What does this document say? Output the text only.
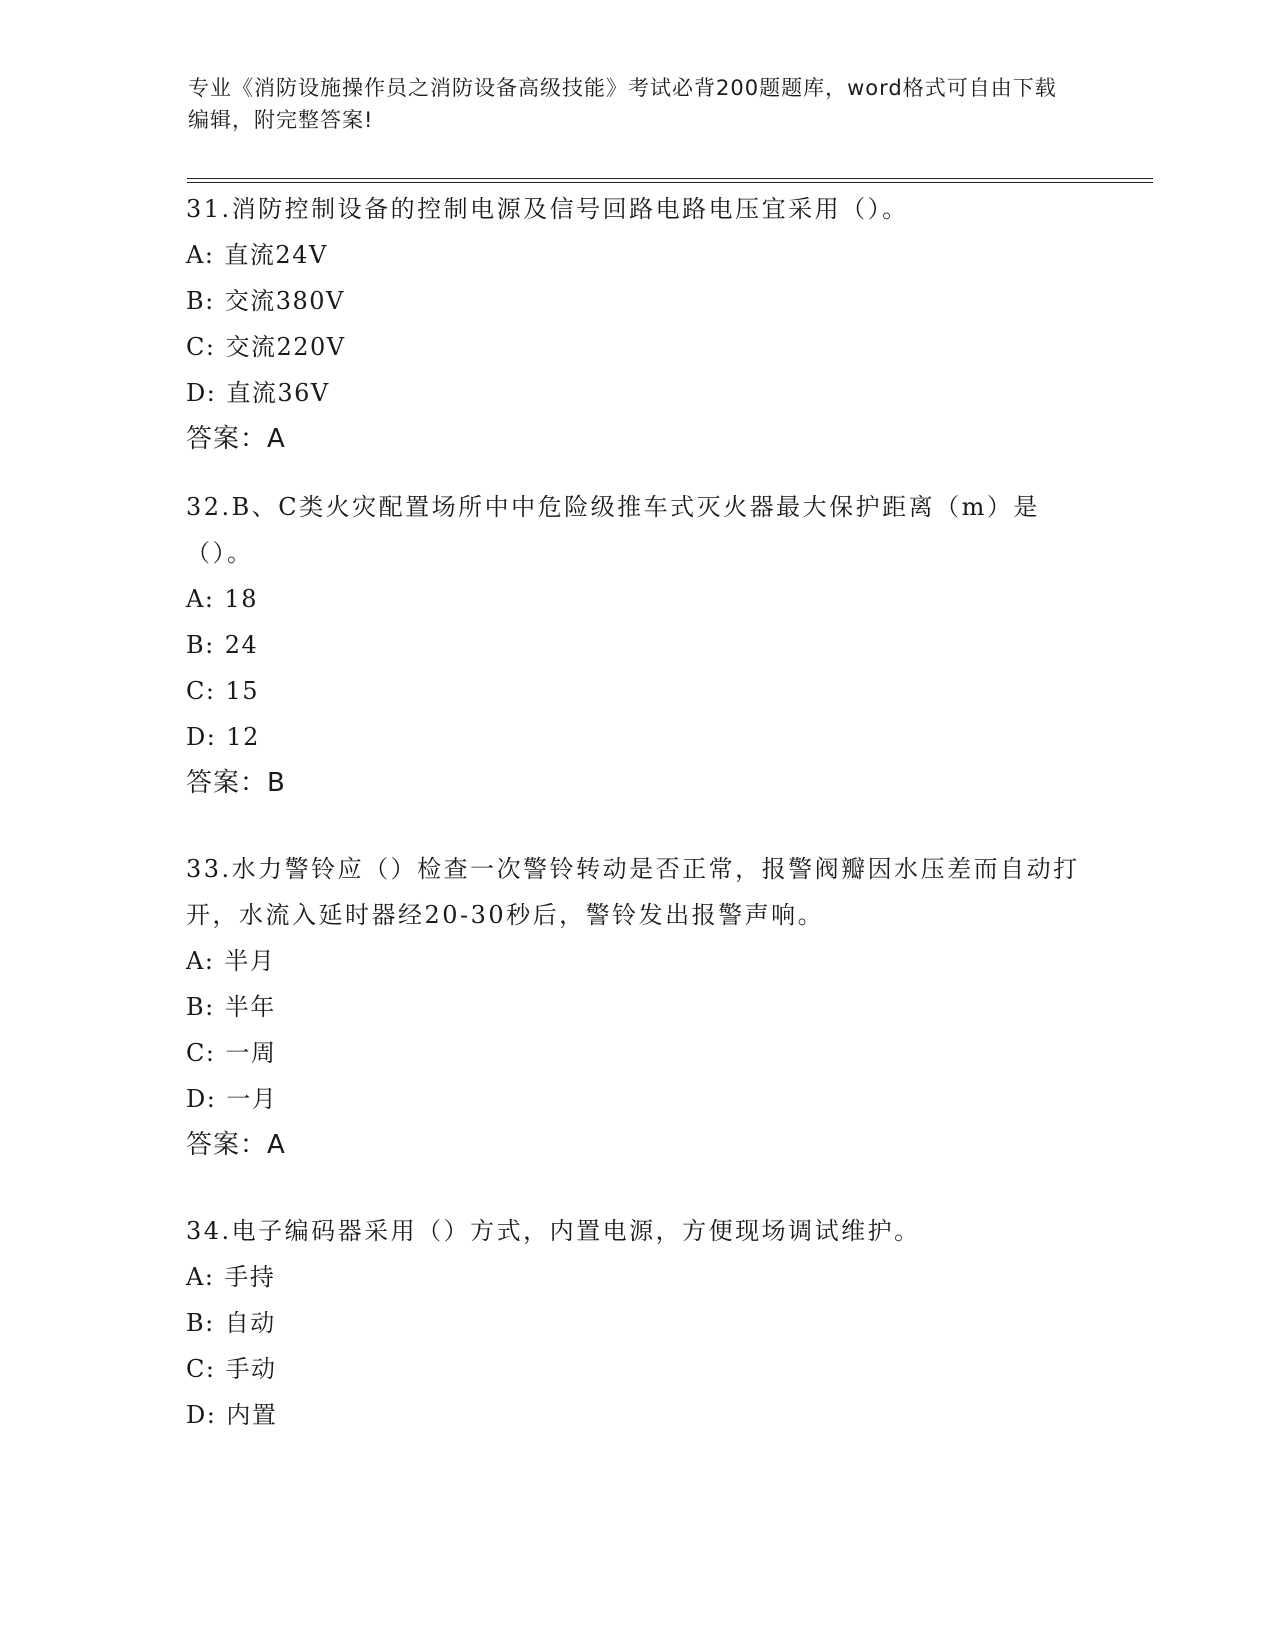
专业《消防设施操作员之消防设备高级技能》考试必背200题题库，word格式可自由下载编辑，附完整答案!

31.消防控制设备的控制电源及信号回路电路电压宜采用（）。

A: 直流24V

B: 交流380V

C: 交流220V

D: 直流36V

答案：A

32.B、C类火灾配置场所中中危险级推车式灭火器最大保护距离（m）是（）。

A: 18

B: 24

C: 15

D: 12

答案：B

33.水力警铃应（）检查一次警铃转动是否正常，报警阀瓣因水压差而自动打开，水流入延时器经20-30秒后，警铃发出报警声响。

A: 半月

B: 半年

C: 一周

D: 一月

答案：A

34.电子编码器采用（）方式，内置电源，方便现场调试维护。

A: 手持

B: 自动

C: 手动

D: 内置
